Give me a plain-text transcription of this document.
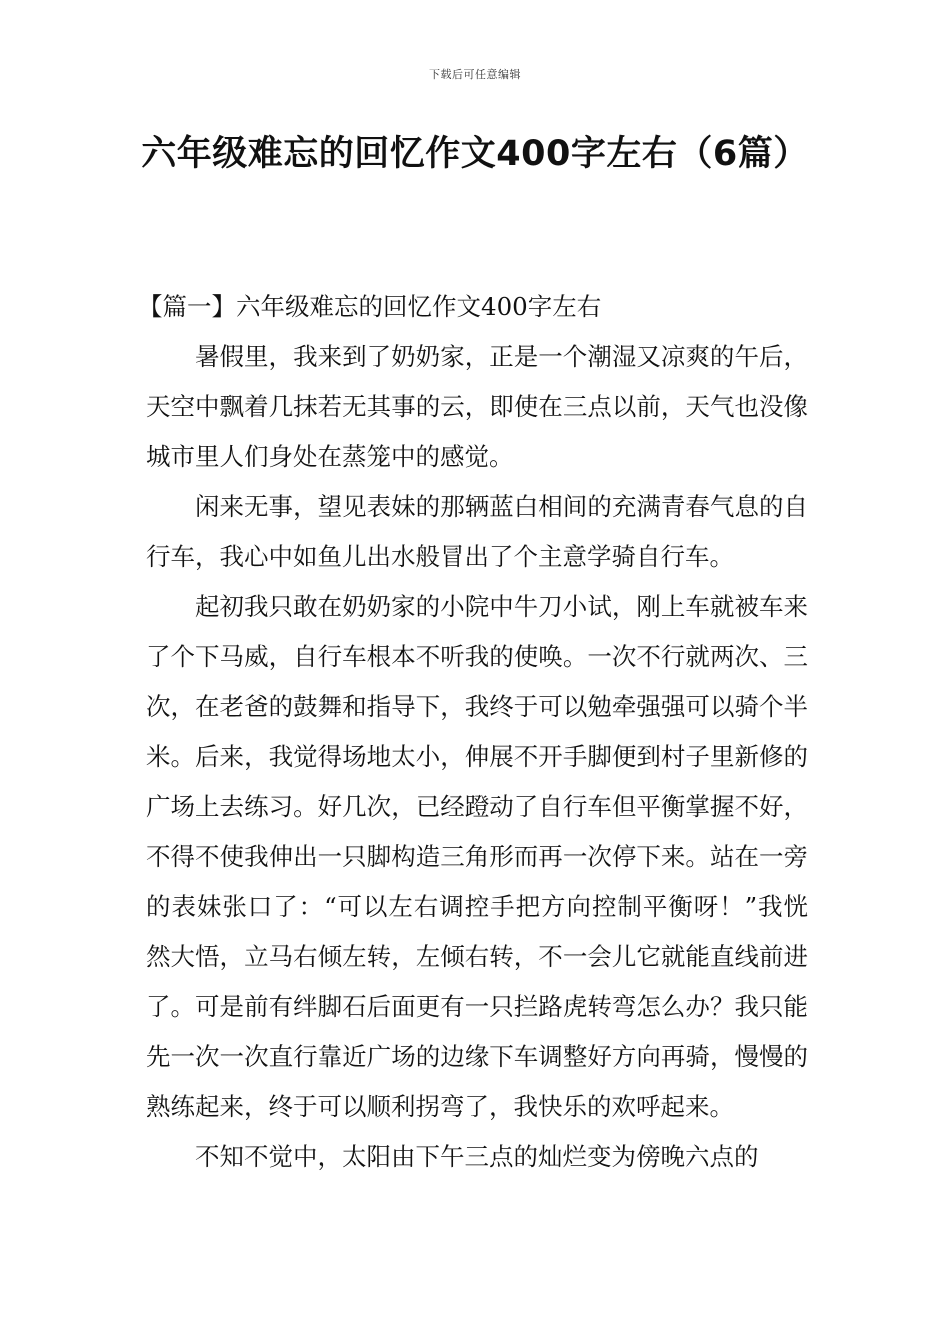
下载后可任意编辑
六年级难忘的回忆作文400字左右（6篇）

【篇一】六年级难忘的回忆作文400字左右

暑假里，我来到了奶奶家，正是一个潮湿又凉爽的午后，天空中飘着几抹若无其事的云，即使在三点以前，天气也没像城市里人们身处在蒸笼中的感觉。

闲来无事，望见表妹的那辆蓝白相间的充满青春气息的自行车，我心中如鱼儿出水般冒出了个主意学骑自行车。

起初我只敢在奶奶家的小院中牛刀小试，刚上车就被车来了个下马威，自行车根本不听我的使唤。一次不行就两次、三次，在老爸的鼓舞和指导下，我终于可以勉牵强强可以骑个半米。后来，我觉得场地太小，伸展不开手脚便到村子里新修的广场上去练习。好几次，已经蹬动了自行车但平衡掌握不好，不得不使我伸出一只脚构造三角形而再一次停下来。站在一旁的表妹张口了：“可以左右调控手把方向控制平衡呀！”我恍然大悟，立马右倾左转，左倾右转，不一会儿它就能直线前进了。可是前有绊脚石后面更有一只拦路虎转弯怎么办？我只能先一次一次直行靠近广场的边缘下车调整好方向再骑，慢慢的熟练起来，终于可以顺利拐弯了，我快乐的欢呼起来。

不知不觉中，太阳由下午三点的灿烂变为傍晚六点的
